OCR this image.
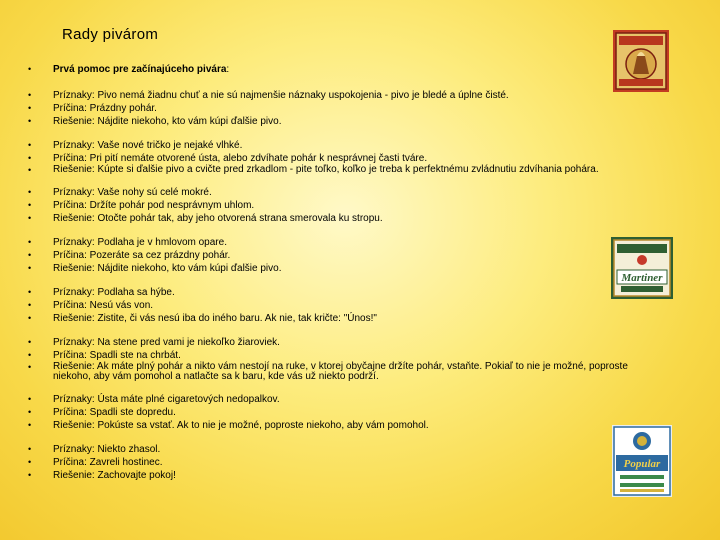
Rady pivárom
•	Prvá pomoc pre začínajúceho pivára:
•	Príznaky: Pivo nemá žiadnu chuť a nie sú najmenšie náznaky uspokojenia - pivo je bledé a úplne čisté.
•	Príčina: Prázdny pohár.
•	Riešenie: Nájdite niekoho, kto vám kúpi ďalšie pivo.
•	Príznaky: Vaše nové tričko je nejaké vlhké.
•	Príčina: Pri pití nemáte otvorené ústa, alebo zdvíhate pohár k nesprávnej časti tváre.
•	Riešenie: Kúpte si ďalšie pivo a cvičte pred zrkadlom - pite toľko, koľko je treba k perfektnému zvládnutiu zdvíhania pohára.
•	Príznaky: Vaše nohy sú celé mokré.
•	Príčina: Držíte pohár pod nesprávnym uhlom.
•	Riešenie: Otočte pohár tak, aby jeho otvorená strana smerovala ku stropu.
•	Príznaky: Podlaha je v hmlovom opare.
•	Príčina: Pozeráte sa cez prázdny pohár.
•	Riešenie: Nájdite niekoho, kto vám kúpi ďalšie pivo.
•	Príznaky: Podlaha sa hýbe.
•	Príčina: Nesú vás von.
•	Riešenie: Zistite, či vás nesú iba do iného baru. Ak nie, tak kričte: "Únos!"
•	Príznaky: Na stene pred vami je niekoľko žiaroviek.
•	Príčina: Spadli ste na chrbát.
•	Riešenie: Ak máte plný pohár a nikto vám nestojí na ruke, v ktorej obyčajne držíte pohár, vstaňte. Pokiaľ to nie je možné, poproste niekoho, aby vám pomohol a natlačte sa k baru, kde vás už niekto podrží.
•	Príznaky: Ústa máte plné cigaretových nedopalkov.
•	Príčina: Spadli ste dopredu.
•	Riešenie: Pokúste sa vstať. Ak to nie je možné, poproste niekoho, aby vám pomohol.
•	Príznaky: Niekto zhasol.
•	Príčina: Zavreli hostinec.
•	Riešenie: Zachovajte pokoj!
Martiner
Popular
